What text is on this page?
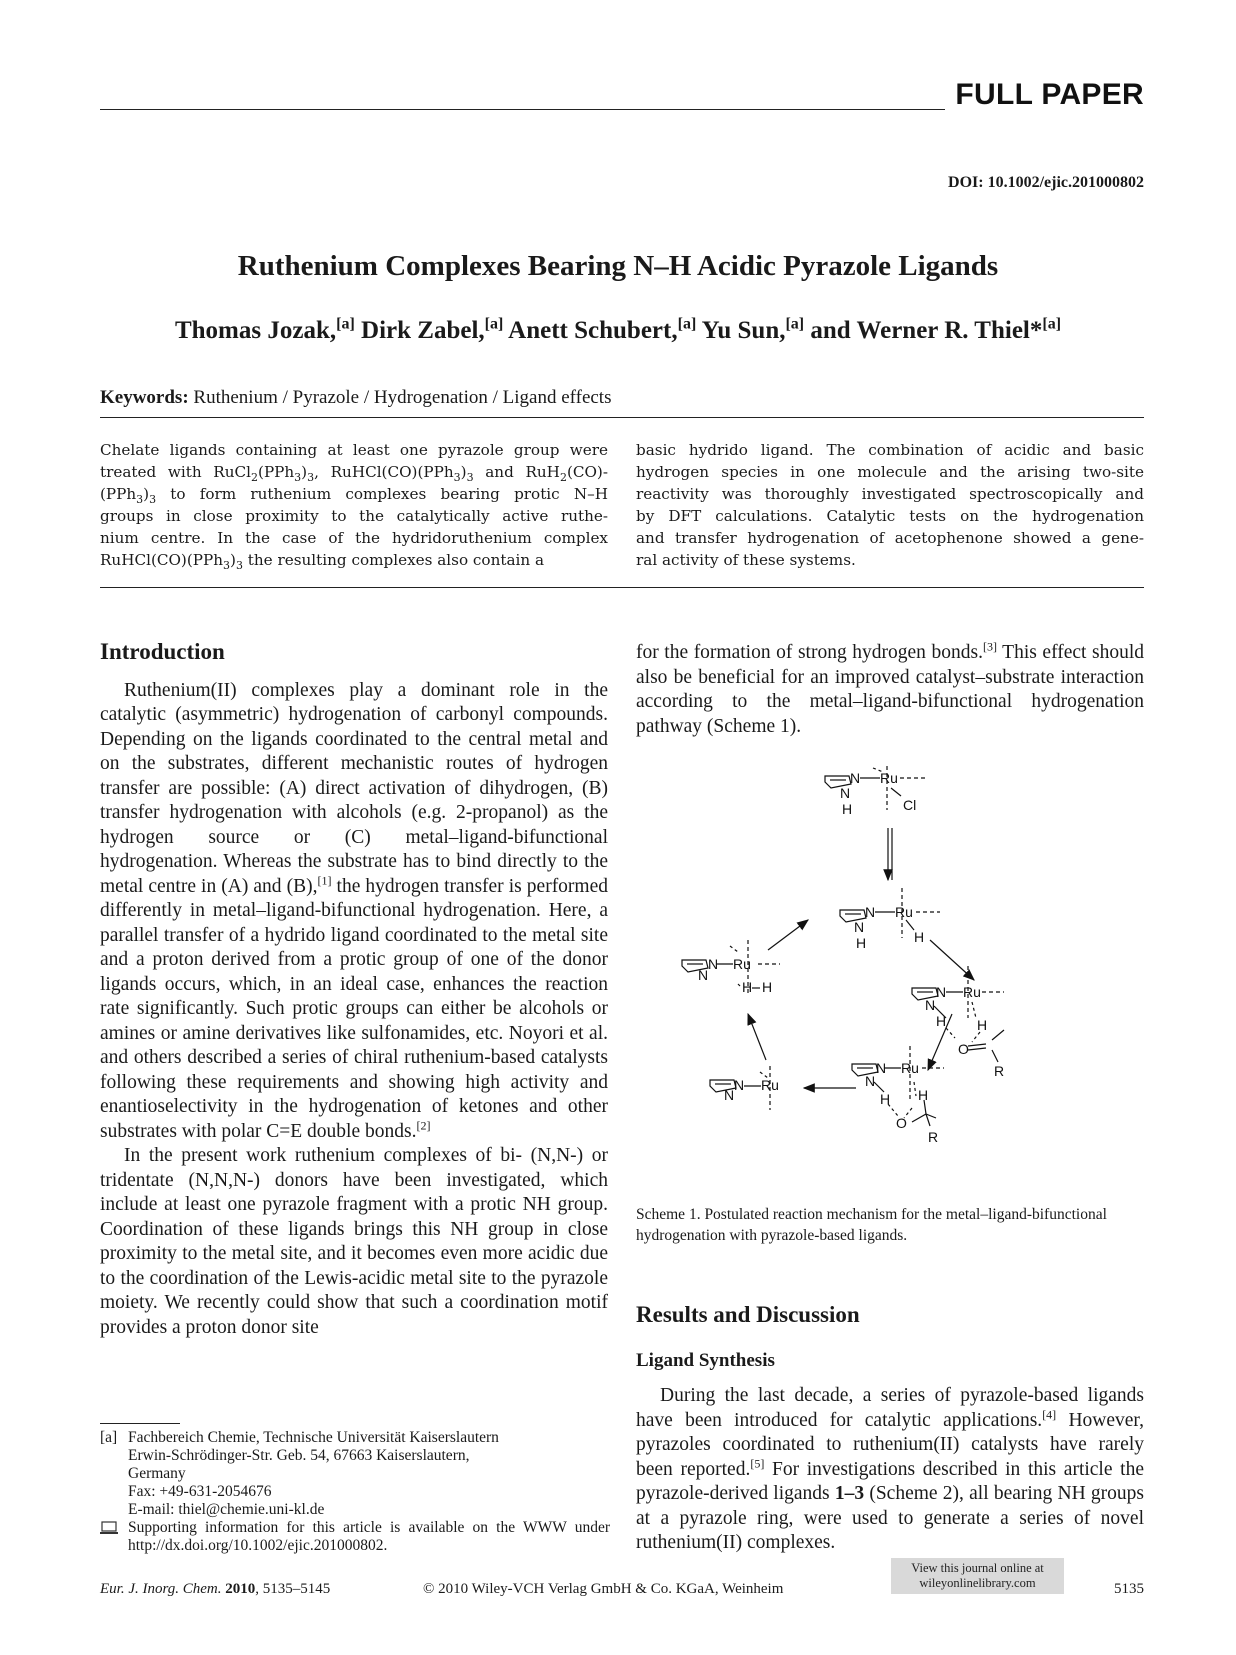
FULL PAPER
DOI: 10.1002/ejic.201000802
Ruthenium Complexes Bearing N–H Acidic Pyrazole Ligands
Thomas Jozak,[a] Dirk Zabel,[a] Anett Schubert,[a] Yu Sun,[a] and Werner R. Thiel*[a]
Keywords: Ruthenium / Pyrazole / Hydrogenation / Ligand effects
Chelate ligands containing at least one pyrazole group were
treated with $RuCl_2(PPh_3)_3$, $RuHCl(CO)(PPh_3)_3$ and RuH$_2$(CO)-
$(PPh_3)_3$ to form ruthenium complexes bearing protic N–H
groups in close proximity to the catalytically active ruthe-
nium centre. In the case of the hydridoruthenium complex
$RuHCl(CO)(PPh_3)_3$ the resulting complexes also contain a
basic hydrido ligand. The combination of acidic and basic
hydrogen species in one molecule and the arising two-site
reactivity was thoroughly investigated spectroscopically and
by DFT calculations. Catalytic tests on the hydrogenation
and transfer hydrogenation of acetophenone showed a gene-
ral activity of these systems.
Introduction

Ruthenium(II) complexes play a dominant role in the catalytic (asymmetric) hydrogenation of carbonyl compounds. Depending on the ligands coordinated to the central metal and on the substrates, different mechanistic routes of hydrogen transfer are possible: (A) direct activation of dihydrogen, (B) transfer hydrogenation with alcohols (e.g. 2-propanol) as the hydrogen source or (C) metal–ligand-bifunctional hydrogenation. Whereas the substrate has to bind directly to the metal centre in (A) and (B),[1] the hydrogen transfer is performed differently in metal–ligand-bifunctional hydrogenation. Here, a parallel transfer of a hydrido ligand coordinated to the metal site and a proton derived from a protic group of one of the donor ligands occurs, which, in an ideal case, enhances the reaction rate significantly. Such protic groups can either be alcohols or amines or amine derivatives like sulfonamides, etc. Noyori et al. and others described a series of chiral ruthenium-based catalysts following these requirements and showing high activity and enantioselectivity in the hydrogenation of ketones and other substrates with polar C=E double bonds.[2]

In the present work ruthenium complexes of bi- (N,N-) or tridentate (N,N,N-) donors have been investigated, which include at least one pyrazole fragment with a protic NH group. Coordination of these ligands brings this NH group in close proximity to the metal site, and it becomes even more acidic due to the coordination of the Lewis-acidic metal site to the pyrazole moiety. We recently could show that such a coordination motif provides a proton donor site

for the formation of strong hydrogen bonds.[3] This effect should also be beneficial for an improved catalyst–substrate interaction according to the metal–ligand-bifunctional hydrogenation pathway (Scheme 1).

N
N
H
Ru
Cl
N
N
H
Ru
H
N
N
H
Ru
H
O
R
N
N
H
Ru
H
O
R
N
N
Ru
N
N
Ru
H H
Scheme 1. Postulated reaction mechanism for the metal–ligand-bifunctional hydrogenation with pyrazole-based ligands.
Results and Discussion
Ligand Synthesis

During the last decade, a series of pyrazole-based ligands have been introduced for catalytic applications.[4] However, pyrazoles coordinated to ruthenium(II) catalysts have rarely been reported.[5] For investigations described in this article the pyrazole-derived ligands 1–3 (Scheme 2), all bearing NH groups at a pyrazole ring, were used to generate a series of novel ruthenium(II) complexes.

[a] Fachbereich Chemie, Technische Universität Kaiserslautern
Erwin-Schrödinger-Str. Geb. 54, 67663 Kaiserslautern,
Germany
Fax: +49-631-2054676
E-mail: thiel@chemie.uni-kl.de
Supporting information for this article is available on the WWW under http://dx.doi.org/10.1002/ejic.201000802.
Eur. J. Inorg. Chem. 2010, 5135–5145	© 2010 Wiley-VCH Verlag GmbH & Co. KGaA, Weinheim
View this journal online at
wileyonlinelibrary.com	5135
